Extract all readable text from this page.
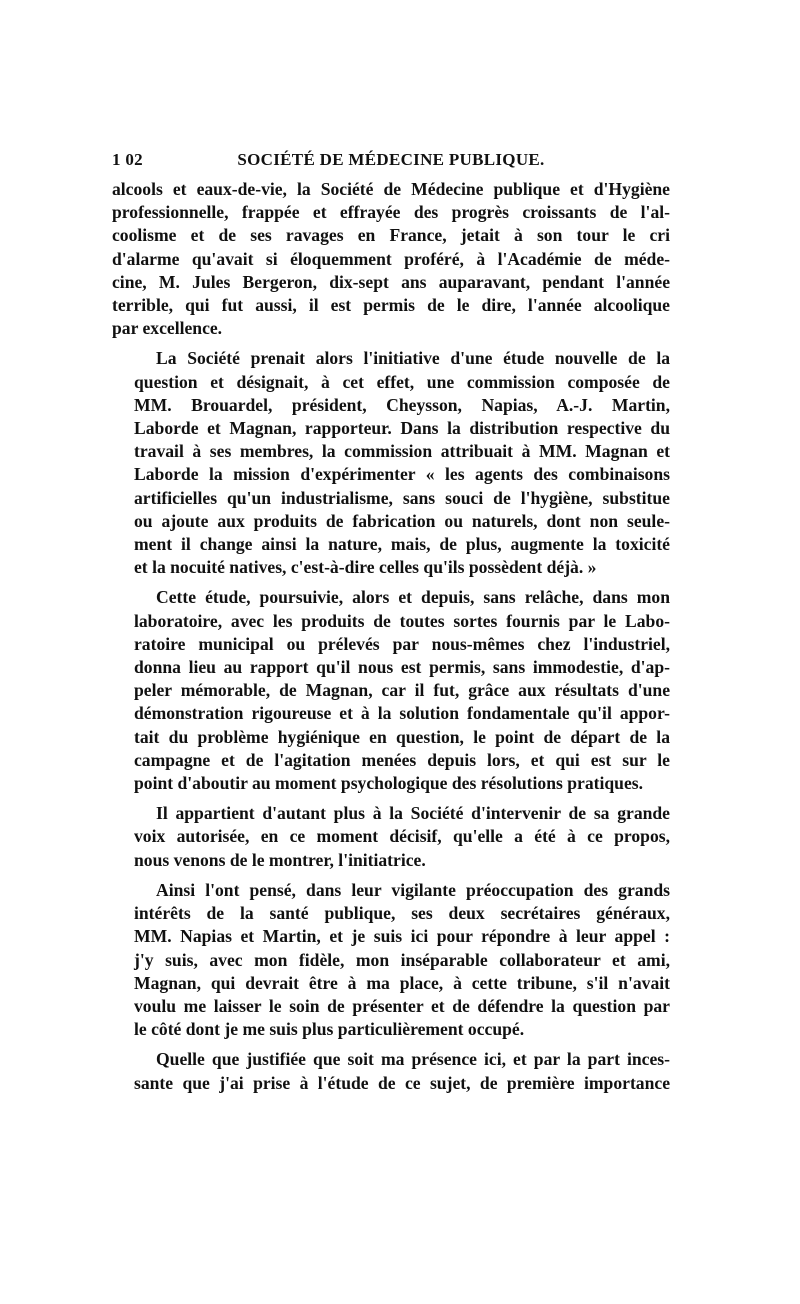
1 02	SOCIÉTÉ DE MÉDECINE PUBLIQUE.
alcools et eaux-de-vie, la Société de Médecine publique et d'Hygiène
professionnelle, frappée et effrayée des progrès croissants de l'al-
coolisme et de ses ravages en France, jetait à son tour le cri
d'alarme qu'avait si éloquemment proféré, à l'Académie de méde-
cine, M. Jules Bergeron, dix-sept ans auparavant, pendant l'année
terrible, qui fut aussi, il est permis de le dire, l'année alcoolique
par excellence.
La Société prenait alors l'initiative d'une étude nouvelle de la
question et désignait, à cet effet, une commission composée de
MM. Brouardel, président, Cheysson, Napias, A.-J. Martin,
Laborde et Magnan, rapporteur. Dans la distribution respective du
travail à ses membres, la commission attribuait à MM. Magnan et
Laborde la mission d'expérimenter « les agents des combinaisons
artificielles qu'un industrialisme, sans souci de l'hygiène, substitue
ou ajoute aux produits de fabrication ou naturels, dont non seule-
ment il change ainsi la nature, mais, de plus, augmente la toxicité
et la nocuité natives, c'est-à-dire celles qu'ils possèdent déjà. »
Cette étude, poursuivie, alors et depuis, sans relâche, dans mon
laboratoire, avec les produits de toutes sortes fournis par le Labo-
ratoire municipal ou prélevés par nous-mêmes chez l'industriel,
donna lieu au rapport qu'il nous est permis, sans immodestie, d'ap-
peler mémorable, de Magnan, car il fut, grâce aux résultats d'une
démonstration rigoureuse et à la solution fondamentale qu'il appor-
tait du problème hygiénique en question, le point de départ de la
campagne et de l'agitation menées depuis lors, et qui est sur le
point d'aboutir au moment psychologique des résolutions pratiques.
Il appartient d'autant plus à la Société d'intervenir de sa grande
voix autorisée, en ce moment décisif, qu'elle a été à ce propos,
nous venons de le montrer, l'initiatrice.
Ainsi l'ont pensé, dans leur vigilante préoccupation des grands
intérêts de la santé publique, ses deux secrétaires généraux,
MM. Napias et Martin, et je suis ici pour répondre à leur appel :
j'y suis, avec mon fidèle, mon inséparable collaborateur et ami,
Magnan, qui devrait être à ma place, à cette tribune, s'il n'avait
voulu me laisser le soin de présenter et de défendre la question par
le côté dont je me suis plus particulièrement occupé.
Quelle que justifiée que soit ma présence ici, et par la part inces-
sante que j'ai prise à l'étude de ce sujet, de première importance
